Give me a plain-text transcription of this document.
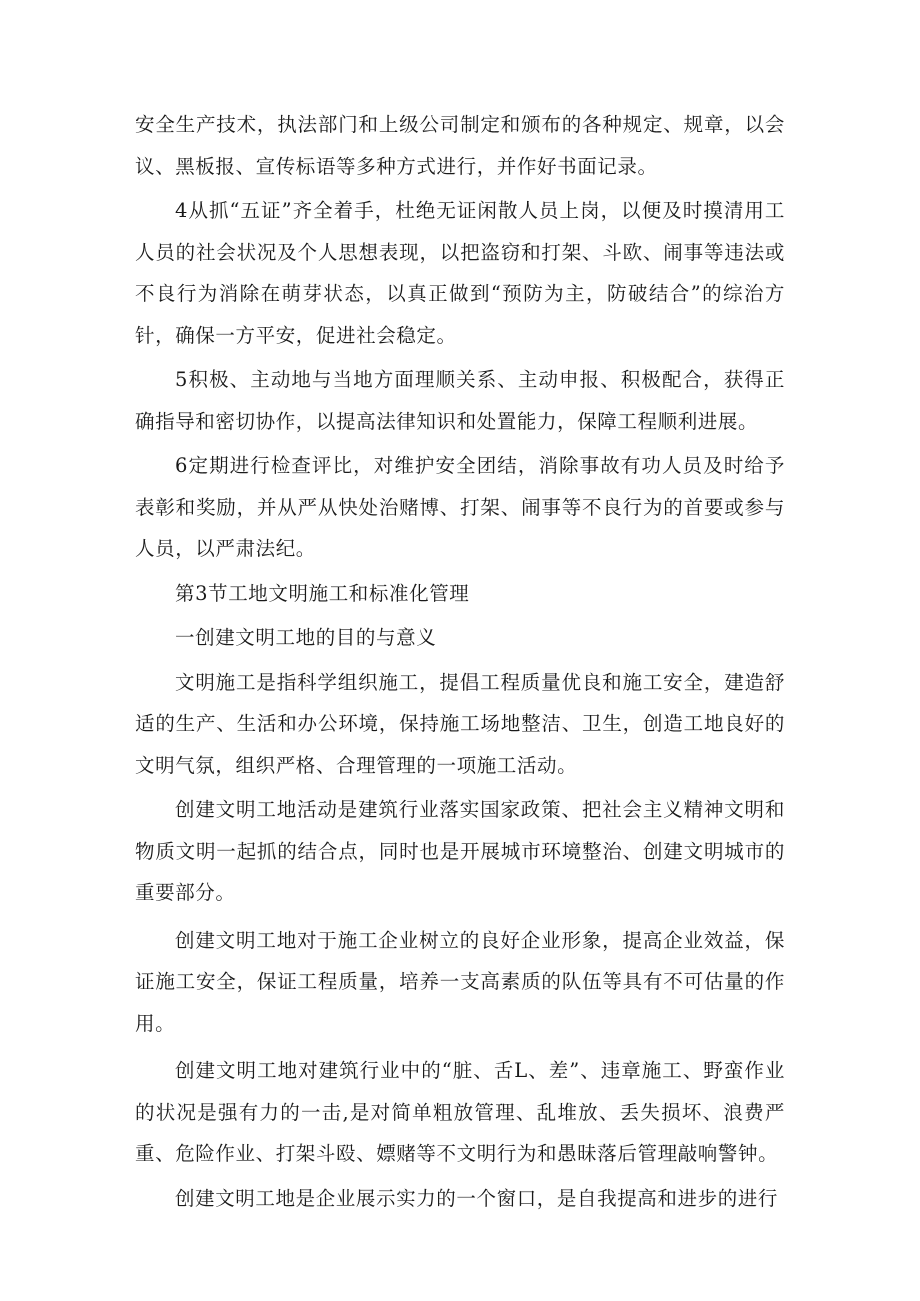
安全生产技术，执法部门和上级公司制定和颁布的各种规定、规章，以会议、黑板报、宣传标语等多种方式进行，并作好书面记录。

4从抓“五证”齐全着手，杜绝无证闲散人员上岗，以便及时摸清用工人员的社会状况及个人思想表现，以把盗窃和打架、斗欧、闹事等违法或不良行为消除在萌芽状态，以真正做到“预防为主，防破结合”的综治方针，确保一方平安，促进社会稳定。

5积极、主动地与当地方面理顺关系、主动申报、积极配合，获得正确指导和密切协作，以提高法律知识和处置能力，保障工程顺利进展。

6定期进行检查评比，对维护安全团结，消除事故有功人员及时给予表彰和奖励，并从严从快处治赌博、打架、闹事等不良行为的首要或参与人员，以严肃法纪。

第3节工地文明施工和标准化管理

一创建文明工地的目的与意义

文明施工是指科学组织施工，提倡工程质量优良和施工安全，建造舒适的生产、生活和办公环境，保持施工场地整洁、卫生，创造工地良好的文明气氛，组织严格、合理管理的一项施工活动。

创建文明工地活动是建筑行业落实国家政策、把社会主义精神文明和物质文明一起抓的结合点，同时也是开展城市环境整治、创建文明城市的重要部分。

创建文明工地对于施工企业树立的良好企业形象，提高企业效益，保证施工安全，保证工程质量，培养一支高素质的队伍等具有不可估量的作用。

创建文明工地对建筑行业中的“脏、舌L、差”、违章施工、野蛮作业的状况是强有力的一击,是对简单粗放管理、乱堆放、丢失损坏、浪费严重、危险作业、打架斗殴、嫖赌等不文明行为和愚昧落后管理敲响警钟。

创建文明工地是企业展示实力的一个窗口，是自我提高和进步的进行
